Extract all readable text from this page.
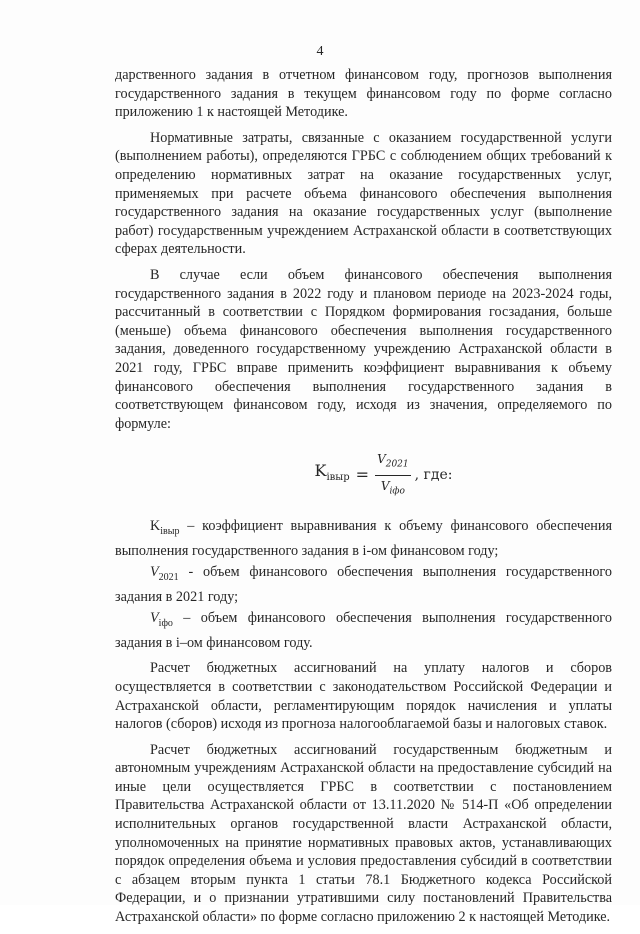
4

дарственного задания в отчетном финансовом году, прогнозов выполнения государственного задания в текущем финансовом году по форме согласно приложению 1 к настоящей Методике.

Нормативные затраты, связанные с оказанием государственной услуги (выполнением работы), определяются ГРБС с соблюдением общих требований к определению нормативных затрат на оказание государственных услуг, применяемых при расчете объема финансового обеспечения выполнения государственного задания на оказание государственных услуг (выполнение работ) государственным учреждением Астраханской области в соответствующих сферах деятельности.

В случае если объем финансового обеспечения выполнения государственного задания в 2022 году и плановом периоде на 2023-2024 годы, рассчитанный в соответствии с Порядком формирования госзадания, больше (меньше) объема финансового обеспечения выполнения государственного задания, доведенного государственному учреждению Астраханской области в 2021 году, ГРБС вправе применить коэффициент выравнивания к объему финансового обеспечения выполнения государственного задания в соответствующем финансовом году, исходя из значения, определяемого по формуле:

$K_{iвыр} = \frac{V_{2021}}{V_{iфо}}$ , где:

$K_{iвыр}$ – коэффициент выравнивания к объему финансового обеспечения выполнения государственного задания в i-ом финансовом году;

$V_{2021}$ - объем финансового обеспечения выполнения государственного задания в 2021 году;

$V_{iфо}$ – объем финансового обеспечения выполнения государственного задания в i–ом финансовом году.

Расчет бюджетных ассигнований на уплату налогов и сборов осуществляется в соответствии с законодательством Российской Федерации и Астраханской области, регламентирующим порядок начисления и уплаты налогов (сборов) исходя из прогноза налогооблагаемой базы и налоговых ставок.

Расчет бюджетных ассигнований государственным бюджетным и автономным учреждениям Астраханской области на предоставление субсидий на иные цели осуществляется ГРБС в соответствии с постановлением Правительства Астраханской области от 13.11.2020 № 514-П «Об определении исполнительных органов государственной власти Астраханской области, уполномоченных на принятие нормативных правовых актов, устанавливающих порядок определения объема и условия предоставления субсидий в соответствии с абзацем вторым пункта 1 статьи 78.1 Бюджетного кодекса Российской Федерации, и о признании утратившими силу постановлений Правительства Астраханской области» по форме согласно приложению 2 к настоящей Методике.
